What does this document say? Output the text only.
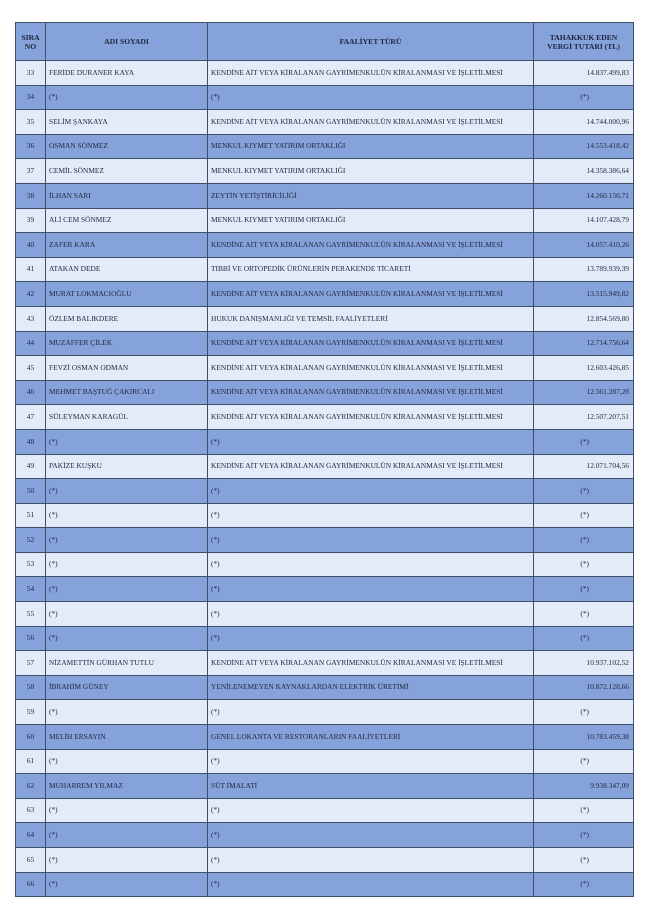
SIRA
NO	ADI SOYADI	FAALİYET TÜRÜ	TAHAKKUK EDEN
VERGİ TUTARI (TL)

33	FERİDE DURANER KAYA	KENDİNE AİT VEYA KİRALANAN GAYRİMENKULÜN KİRALANMASI VE İŞLETİLMESİ	14.837.499,83
34	(*)	(*)	(*)
35	SELİM ŞANKAYA	KENDİNE AİT VEYA KİRALANAN GAYRİMENKULÜN KİRALANMASI VE İŞLETİLMESİ	14.744.000,96
36	OSMAN SÖNMEZ	MENKUL KIYMET YATIRIM ORTAKLIĞI	14.553.418,42
37	CEMİL SÖNMEZ	MENKUL KIYMET YATIRIM ORTAKLIĞI	14.358.386,64
38	İLHAN SARI	ZEYTİN YETİŞTİRİCİLİĞİ	14.260.150,71
39	ALİ CEM SÖNMEZ	MENKUL KIYMET YATIRIM ORTAKLIĞI	14.107.428,79
40	ZAFER KARA	KENDİNE AİT VEYA KİRALANAN GAYRİMENKULÜN KİRALANMASI VE İŞLETİLMESİ	14.057.410,26
41	ATAKAN DEDE	TIBBİ VE ORTOPEDİK ÜRÜNLERİN PERAKENDE TİCARETİ	13.789.939,39
42	MURAT LOKMACIOĞLU	KENDİNE AİT VEYA KİRALANAN GAYRİMENKULÜN KİRALANMASI VE İŞLETİLMESİ	13.515.949,82
43	ÖZLEM BALIKDERE	HUKUK DANIŞMANLIĞI VE TEMSİL FAALİYETLERİ	12.854.569,80
44	MUZAFFER ÇİLEK	KENDİNE AİT VEYA KİRALANAN GAYRİMENKULÜN KİRALANMASI VE İŞLETİLMESİ	12.714.756,64
45	FEVZİ OSMAN ODMAN	KENDİNE AİT VEYA KİRALANAN GAYRİMENKULÜN KİRALANMASI VE İŞLETİLMESİ	12.603.426,85
46	MEHMET BAŞTUĞ ÇAKIRCALI	KENDİNE AİT VEYA KİRALANAN GAYRİMENKULÜN KİRALANMASI VE İŞLETİLMESİ	12.561.287,28
47	SÜLEYMAN KARAGÜL	KENDİNE AİT VEYA KİRALANAN GAYRİMENKULÜN KİRALANMASI VE İŞLETİLMESİ	12.507.207,51
48	(*)	(*)	(*)
49	PAKİZE KUŞKU	KENDİNE AİT VEYA KİRALANAN GAYRİMENKULÜN KİRALANMASI VE İŞLETİLMESİ	12.071.704,56
50	(*)	(*)	(*)
51	(*)	(*)	(*)
52	(*)	(*)	(*)
53	(*)	(*)	(*)
54	(*)	(*)	(*)
55	(*)	(*)	(*)
56	(*)	(*)	(*)
57	NİZAMETTİN GÜRHAN TUTLU	KENDİNE AİT VEYA KİRALANAN GAYRİMENKULÜN KİRALANMASI VE İŞLETİLMESİ	10.937.102,52
58	İBRAHİM GÜNEY	YENİLENEMEYEN KAYNAKLARDAN ELEKTRİK ÜRETİMİ	10.872.128,66
59	(*)	(*)	(*)
60	MELİH ERSAYIN	GENEL LOKANTA VE RESTORANLARIN FAALİYETLERİ	10.783.459,38
61	(*)	(*)	(*)
62	MUHARREM YILMAZ	SÜT İMALATI	9.938.347,09
63	(*)	(*)	(*)
64	(*)	(*)	(*)
65	(*)	(*)	(*)
66	(*)	(*)	(*)
